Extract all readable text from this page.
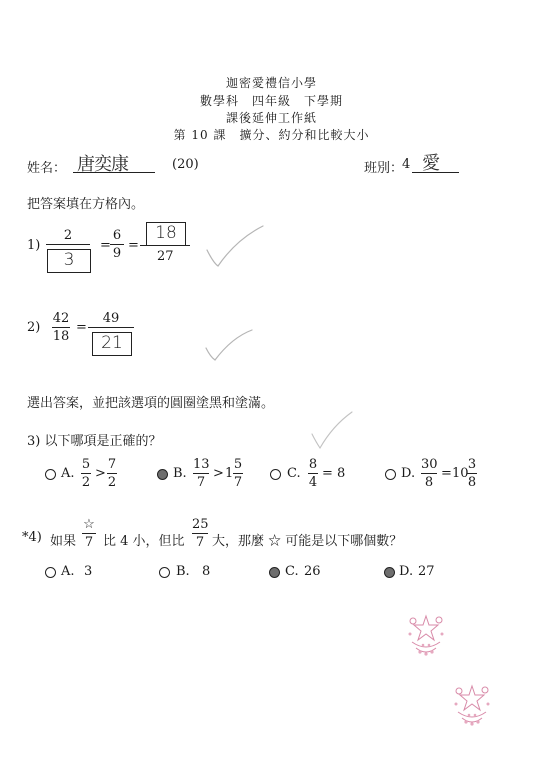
迦密愛禮信小學
數學科　四年級　下學期
課後延伸工作紙
第 10 課　擴分、約分和比較大小
姓名： 唐奕康	(20)	班別：
4 愛
把答案填在方格內。
1)
2
3
=
6
9
=
18
27
2)
42
18
=
49
21
選出答案，並把該選項的圓圈塗黑和塗滿。
3) 以下哪項是正確的？
A.
5
2
>
7
2
B.
13
7
> 1
5
7
C.
8
4
= 8	D.
30
8
= 10
3
8
*4) 如果
☆
7 比 4 小，但比
25
7 大，那麼 ☆ 可能是以下哪個數？
A. 3	B. 8	C. 26	D. 27
